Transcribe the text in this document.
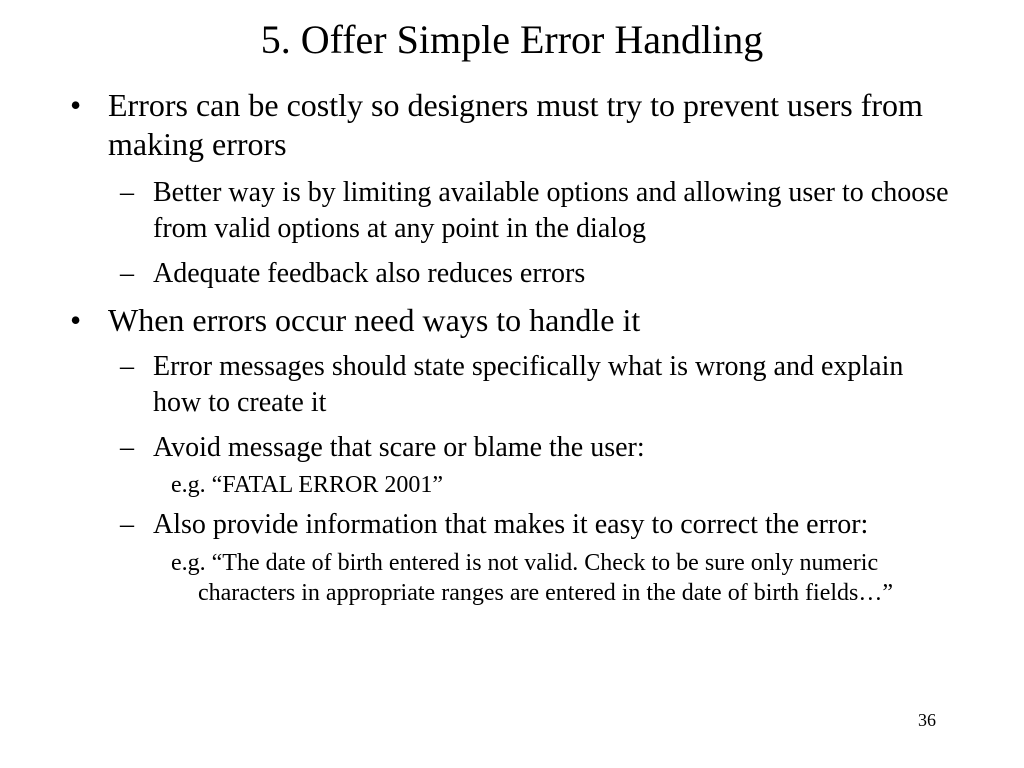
5. Offer Simple Error Handling
• Errors can be costly so designers must try to prevent users from making errors
– Better way is by limiting available options and allowing user to choose from valid options at any point in the dialog
– Adequate feedback also reduces errors
• When errors occur need ways to handle it
– Error messages should state specifically what is wrong and explain how to create it
– Avoid message that scare or blame the user:
e.g. “FATAL ERROR 2001”
– Also provide information that makes it easy to correct the error:
e.g. “The date of birth entered is not valid. Check to be sure only numeric characters in appropriate ranges are entered in the date of birth fields…”
36
